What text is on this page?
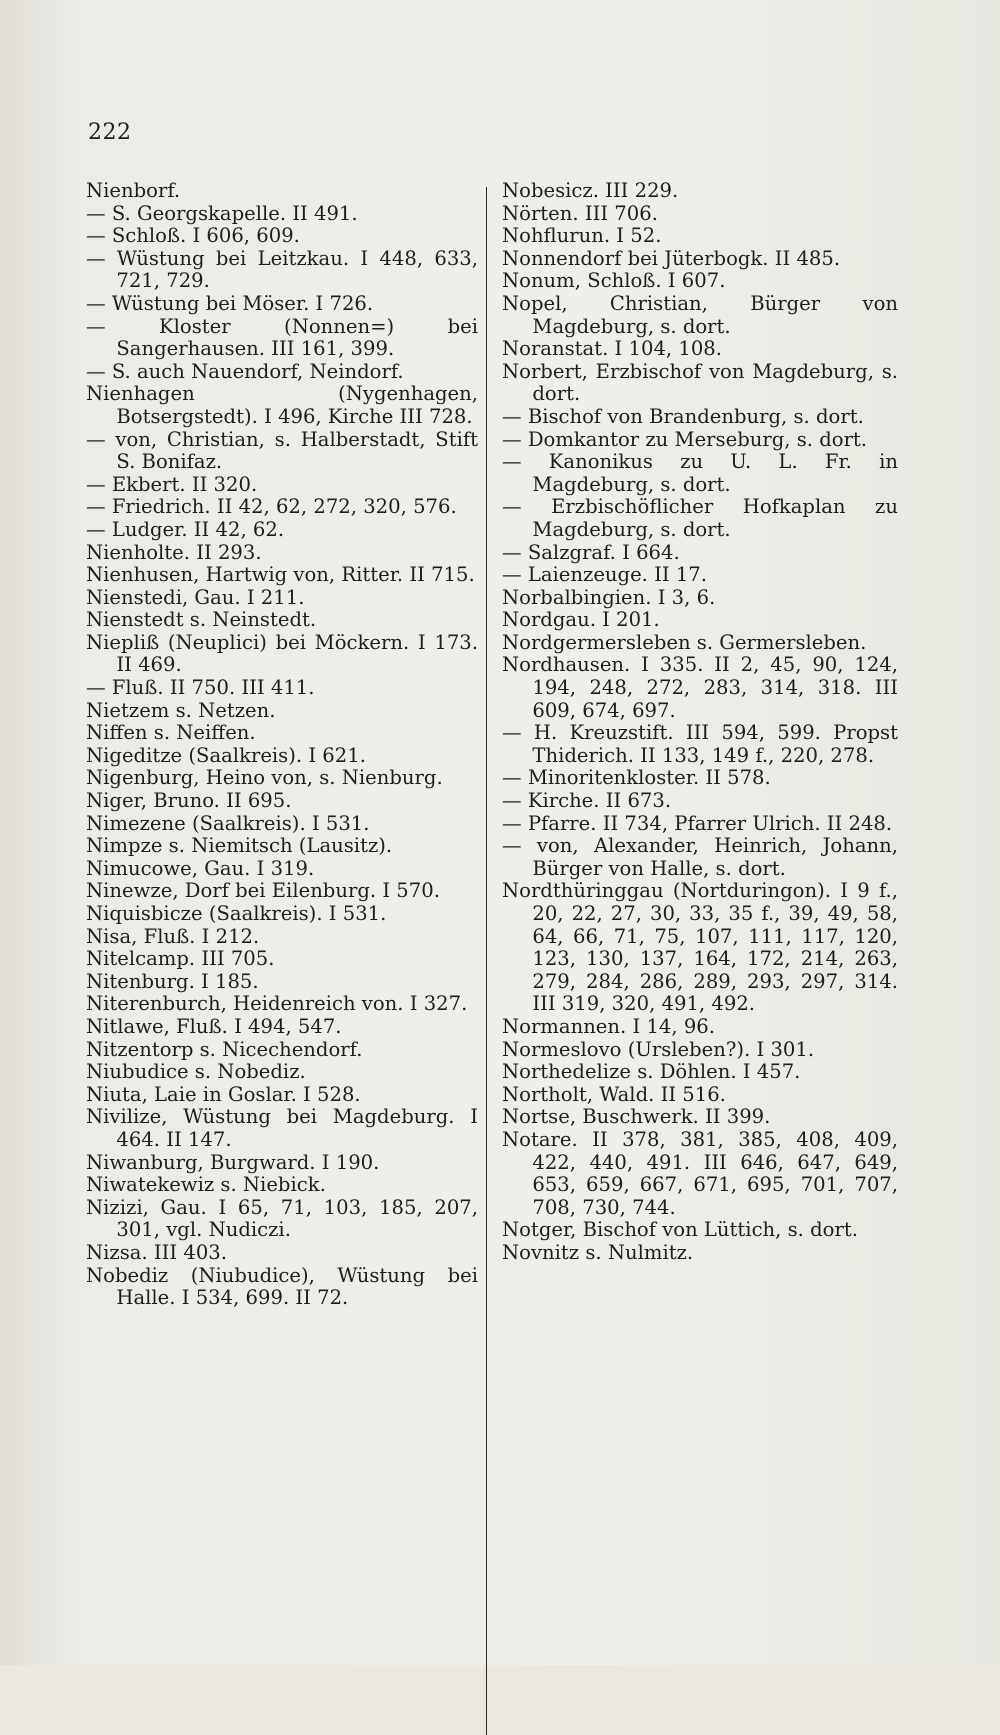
222

Nienborf.

— S. Georgskapelle. II 491.

— Schloß. I 606, 609.

— Wüstung bei Leitzkau. I 448, 633, 721, 729.

— Wüstung bei Möser. I 726.

— Kloster (Nonnen=) bei Sangerhausen. III 161, 399.

— S. auch Nauendorf, Neindorf.

Nienhagen (Nygenhagen, Botsergstedt). I 496, Kirche III 728.

— von, Christian, s. Halberstadt, Stift S. Bonifaz.

— Ekbert. II 320.

— Friedrich. II 42, 62, 272, 320, 576.

— Ludger. II 42, 62.

Nienholte. II 293.

Nienhusen, Hartwig von, Ritter. II 715.

Nienstedi, Gau. I 211.

Nienstedt s. Neinstedt.

Niepliß (Neuplici) bei Möckern. I 173. II 469.

— Fluß. II 750. III 411.

Nietzem s. Netzen.

Niffen s. Neiffen.

Nigeditze (Saalkreis). I 621.

Nigenburg, Heino von, s. Nienburg.

Niger, Bruno. II 695.

Nimezene (Saalkreis). I 531.

Nimpze s. Niemitsch (Lausitz).

Nimucowe, Gau. I 319.

Ninewze, Dorf bei Eilenburg. I 570.

Niquisbicze (Saalkreis). I 531.

Nisa, Fluß. I 212.

Nitelcamp. III 705.

Nitenburg. I 185.

Niterenburch, Heidenreich von. I 327.

Nitlawe, Fluß. I 494, 547.

Nitzentorp s. Nicechendorf.

Niubudice s. Nobediz.

Niuta, Laie in Goslar. I 528.

Nivilize, Wüstung bei Magdeburg. I 464. II 147.

Niwanburg, Burgward. I 190.

Niwatekewiz s. Niebick.

Nizizi, Gau. I 65, 71, 103, 185, 207, 301, vgl. Nudiczi.

Nizsa. III 403.

Nobediz (Niubudice), Wüstung bei Halle. I 534, 699. II 72.

Nobesicz. III 229.

Nörten. III 706.

Nohflurun. I 52.

Nonnendorf bei Jüterbogk. II 485.

Nonum, Schloß. I 607.

Nopel, Christian, Bürger von Magdeburg, s. dort.

Noranstat. I 104, 108.

Norbert, Erzbischof von Magdeburg, s. dort.

— Bischof von Brandenburg, s. dort.

— Domkantor zu Merseburg, s. dort.

— Kanonikus zu U. L. Fr. in Magdeburg, s. dort.

— Erzbischöflicher Hofkaplan zu Magdeburg, s. dort.

— Salzgraf. I 664.

— Laienzeuge. II 17.

Norbalbingien. I 3, 6.

Nordgau. I 201.

Nordgermersleben s. Germersleben.

Nordhausen. I 335. II 2, 45, 90, 124, 194, 248, 272, 283, 314, 318. III 609, 674, 697.

— H. Kreuzstift. III 594, 599. Propst Thiderich. II 133, 149 f., 220, 278.

— Minoritenkloster. II 578.

— Kirche. II 673.

— Pfarre. II 734, Pfarrer Ulrich. II 248.

— von, Alexander, Heinrich, Johann, Bürger von Halle, s. dort.

Nordthüringgau (Nortduringon). I 9 f., 20, 22, 27, 30, 33, 35 f., 39, 49, 58, 64, 66, 71, 75, 107, 111, 117, 120, 123, 130, 137, 164, 172, 214, 263, 279, 284, 286, 289, 293, 297, 314. III 319, 320, 491, 492.

Normannen. I 14, 96.

Normeslovo (Ursleben?). I 301.

Northedelize s. Döhlen. I 457.

Northolt, Wald. II 516.

Nortse, Buschwerk. II 399.

Notare. II 378, 381, 385, 408, 409, 422, 440, 491. III 646, 647, 649, 653, 659, 667, 671, 695, 701, 707, 708, 730, 744.

Notger, Bischof von Lüttich, s. dort.

Novnitz s. Nulmitz.
